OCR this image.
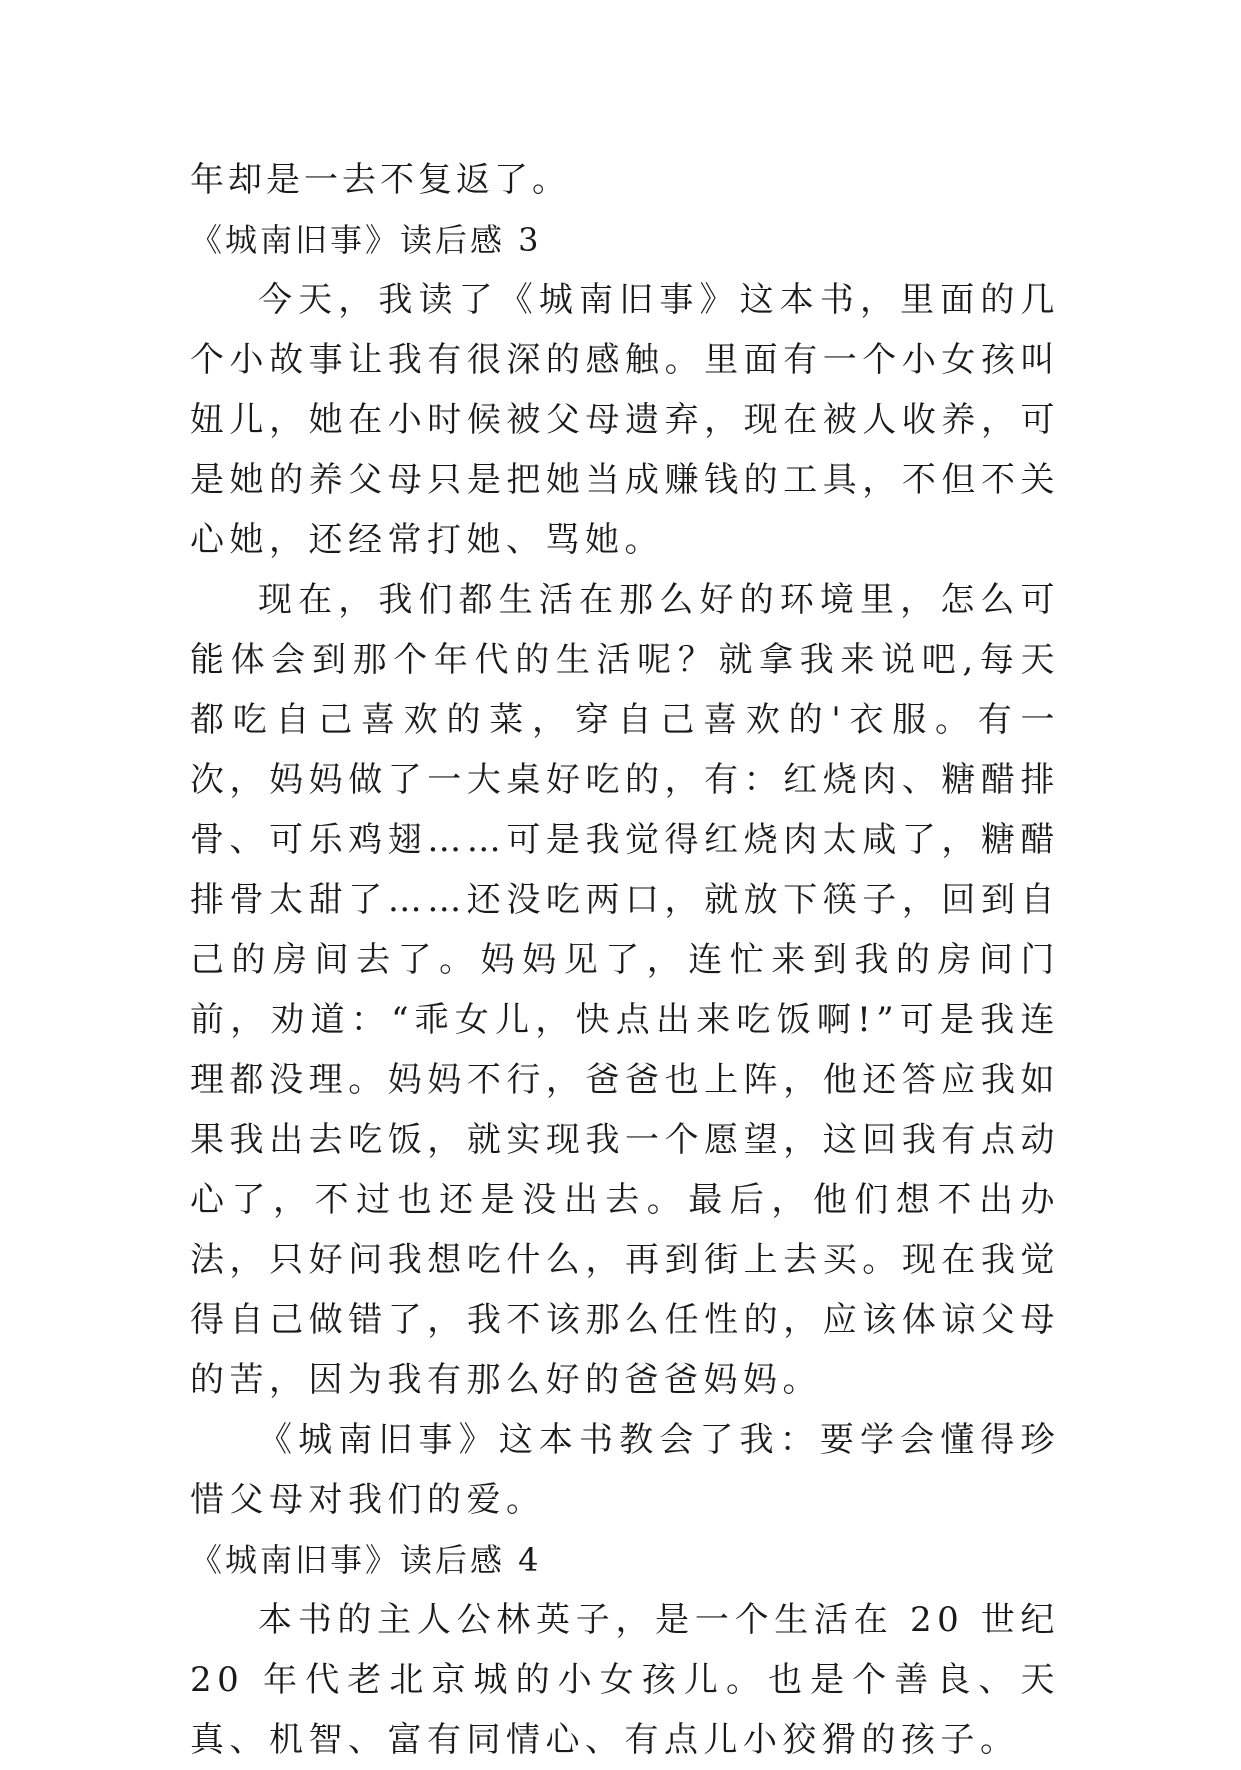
年却是一去不复返了。
《城南旧事》读后感 3

今天，我读了《城南旧事》这本书，里面的几个小故事让我有很深的感触。里面有一个小女孩叫妞儿，她在小时候被父母遗弃，现在被人收养，可是她的养父母只是把她当成赚钱的工具，不但不关心她，还经常打她、骂她。

现在，我们都生活在那么好的环境里，怎么可能体会到那个年代的生活呢？就拿我来说吧,每天都吃自己喜欢的菜，穿自己喜欢的'衣服。有一次，妈妈做了一大桌好吃的，有：红烧肉、糖醋排骨、可乐鸡翅……可是我觉得红烧肉太咸了，糖醋排骨太甜了……还没吃两口，就放下筷子，回到自己的房间去了。妈妈见了，连忙来到我的房间门前，劝道：“乖女儿，快点出来吃饭啊!”可是我连理都没理。妈妈不行，爸爸也上阵，他还答应我如果我出去吃饭，就实现我一个愿望，这回我有点动心了，不过也还是没出去。最后，他们想不出办法，只好问我想吃什么，再到街上去买。现在我觉得自己做错了，我不该那么任性的，应该体谅父母的苦，因为我有那么好的爸爸妈妈。

《城南旧事》这本书教会了我：要学会懂得珍惜父母对我们的爱。

《城南旧事》读后感 4

本书的主人公林英子，是一个生活在 20 世纪 20 年代老北京城的小女孩儿。也是个善良、天真、机智、富有同情心、有点儿小狡猾的孩子。
